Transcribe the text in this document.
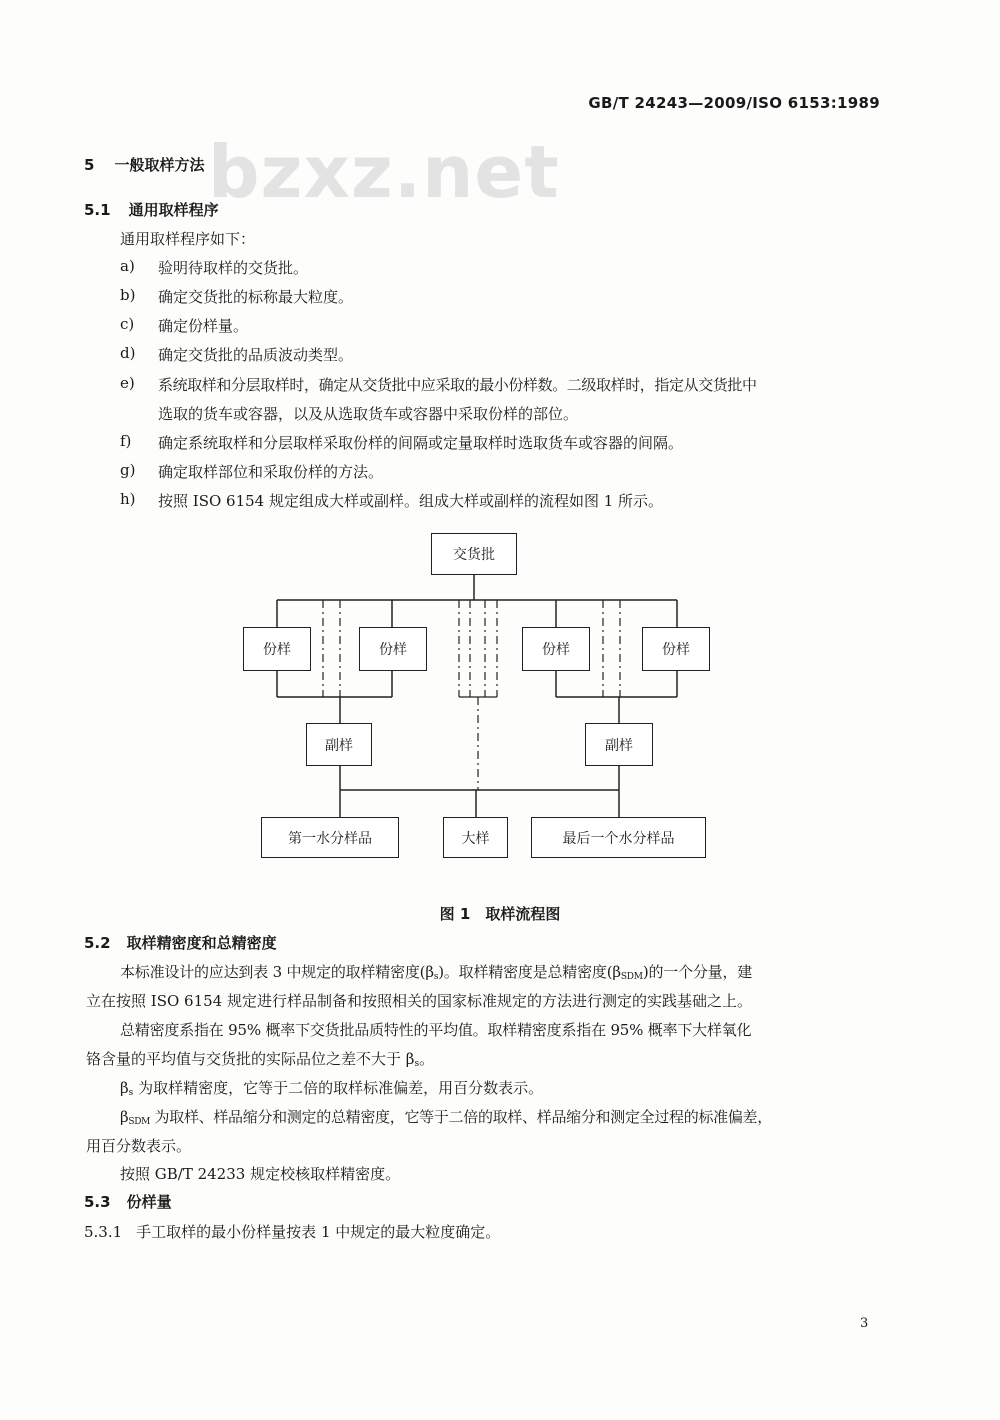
GB/T 24243—2009/ISO 6153:1989
bzxz.net
5 一般取样方法
5.1 通用取样程序
通用取样程序如下：
a) 验明待取样的交货批。
b) 确定交货批的标称最大粒度。
c) 确定份样量。
d) 确定交货批的品质波动类型。
e) 系统取样和分层取样时，确定从交货批中应采取的最小份样数。二级取样时，指定从交货批中
选取的货车或容器，以及从选取货车或容器中采取份样的部位。
f) 确定系统取样和分层取样采取份样的间隔或定量取样时选取货车或容器的间隔。
g) 确定取样部位和采取份样的方法。
h) 按照 ISO 6154 规定组成大样或副样。组成大样或副样的流程如图 1 所示。
交货批
份样	份样	份样	份样
副样	副样
第一水分样品	大样	最后一个水分样品
图 1　取样流程图
5.2 取样精密度和总精密度
本标准设计的应达到表 3 中规定的取样精密度$(\beta_s)$。取样精密度是总精密度$(\beta_{SDM})$的一个分量，建
立在按照 ISO 6154 规定进行样品制备和按照相关的国家标准规定的方法进行测定的实践基础之上。
总精密度系指在 95% 概率下交货批品质特性的平均值。取样精密度系指在 95% 概率下大样氧化
铬含量的平均值与交货批的实际品位之差不大于 $\beta_s$。
$\beta_s$ 为取样精密度，它等于二倍的取样标准偏差，用百分数表示。
$\beta_{SDM}$ 为取样、样品缩分和测定的总精密度，它等于二倍的取样、样品缩分和测定全过程的标准偏差，
用百分数表示。
按照 GB/T 24233 规定校核取样精密度。
5.3 份样量
5.3.1 手工取样的最小份样量按表 1 中规定的最大粒度确定。
3
